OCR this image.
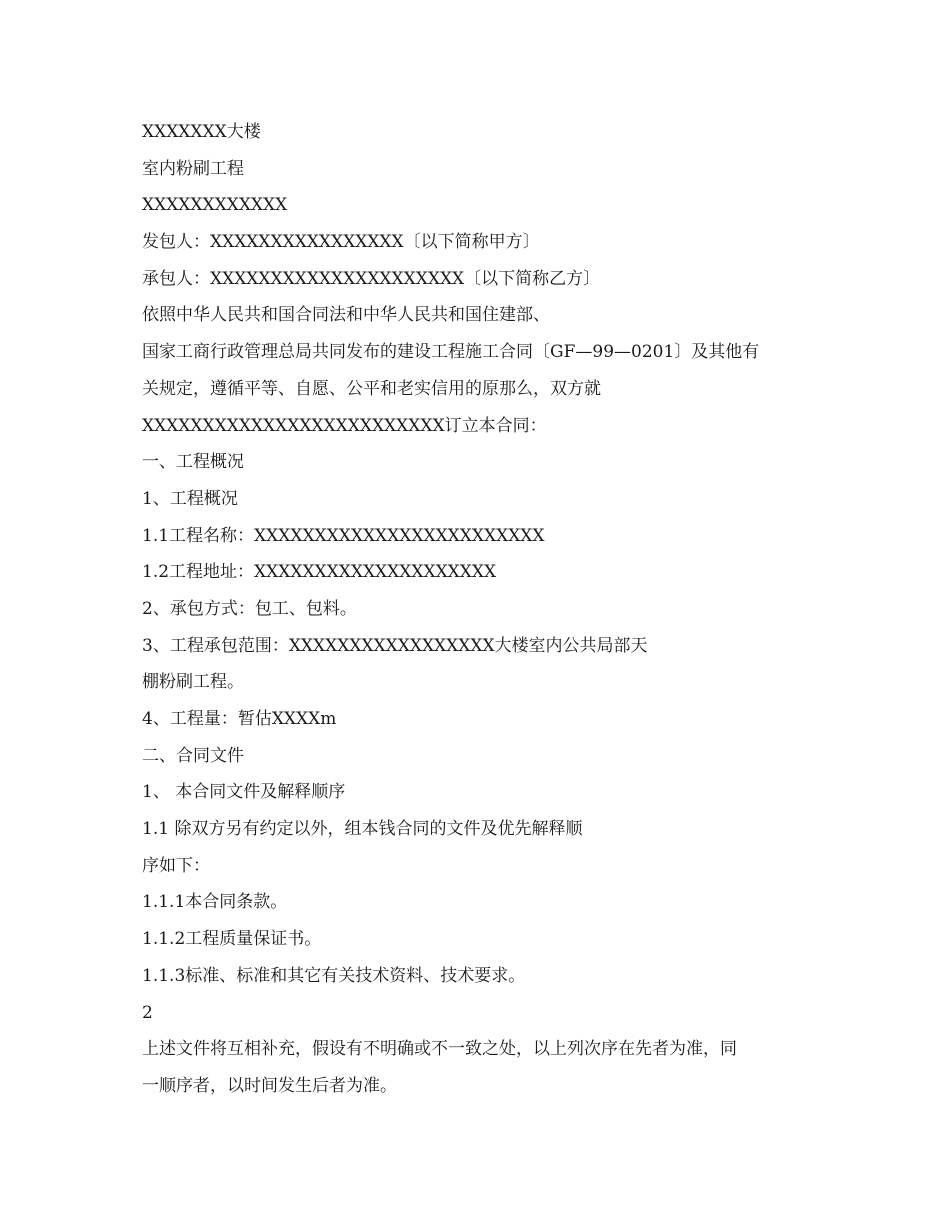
XXXXXXX大楼

室内粉刷工程

XXXXXXXXXXXX

发包人：XXXXXXXXXXXXXXXX〔以下简称甲方〕

承包人：XXXXXXXXXXXXXXXXXXXXX〔以下简称乙方〕

依照中华人民共和国合同法和中华人民共和国住建部、

国家工商行政管理总局共同发布的建设工程施工合同〔GF—99—0201〕及其他有

关规定，遵循平等、自愿、公平和老实信用的原那么，双方就

XXXXXXXXXXXXXXXXXXXXXXXXX订立本合同：

一、工程概况

1、工程概况

1.1工程名称：XXXXXXXXXXXXXXXXXXXXXXXX

1.2工程地址：XXXXXXXXXXXXXXXXXXXX

2、承包方式：包工、包料。

3、工程承包范围：XXXXXXXXXXXXXXXXX大楼室内公共局部天

棚粉刷工程。

4、工程量：暂估XXXXm

二、合同文件

1、 本合同文件及解释顺序

1.1 除双方另有约定以外，组本钱合同的文件及优先解释顺

序如下：

1.1.1本合同条款。

1.1.2工程质量保证书。

1.1.3标准、标准和其它有关技术资料、技术要求。

2

上述文件将互相补充，假设有不明确或不一致之处，以上列次序在先者为准，同

一顺序者，以时间发生后者为准。
